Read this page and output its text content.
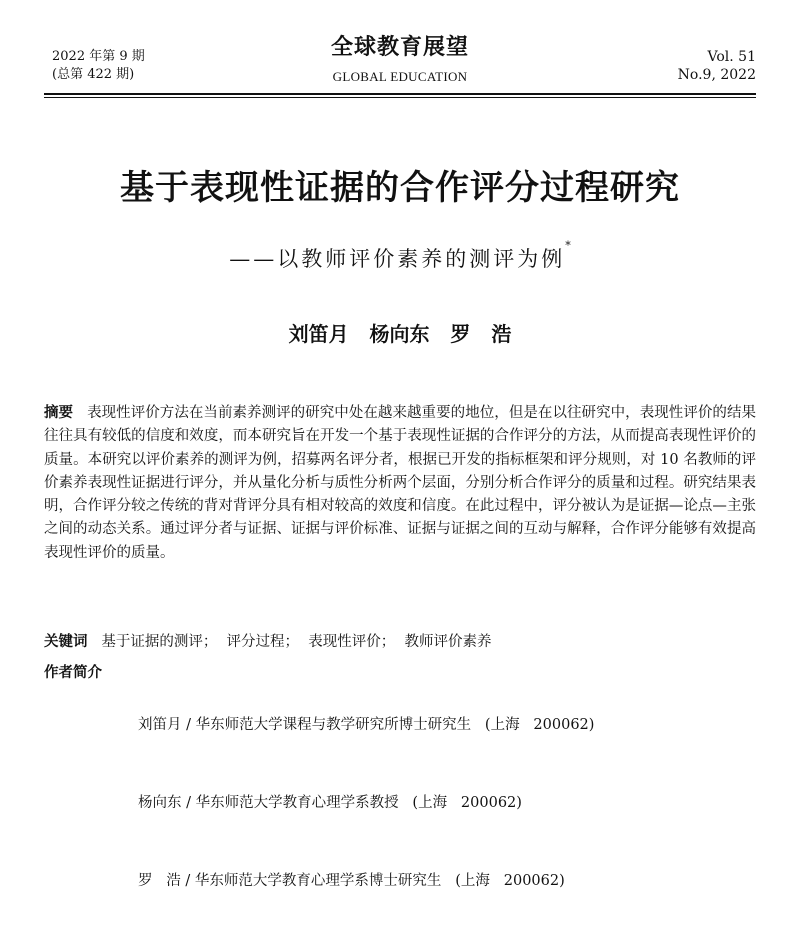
2022 年第 9 期
(总第 422 期)
全球教育展望
GLOBAL EDUCATION
Vol. 51
No.9, 2022
基于表现性证据的合作评分过程研究
——以教师评价素养的测评为例*
刘笛月   杨向东   罗   浩
摘要 表现性评价方法在当前素养测评的研究中处在越来越重要的地位，但是在以往研究中，表现性评价的结果往往具有较低的信度和效度，而本研究旨在开发一个基于表现性证据的合作评分的方法，从而提高表现性评价的质量。本研究以评价素养的测评为例，招募两名评分者，根据已开发的指标框架和评分规则，对 10 名教师的评价素养表现性证据进行评分，并从量化分析与质性分析两个层面，分别分析合作评分的质量和过程。研究结果表明，合作评分较之传统的背对背评分具有相对较高的效度和信度。在此过程中，评分被认为是证据—论点—主张之间的动态关系。通过评分者与证据、证据与评价标准、证据与证据之间的互动与解释，合作评分能够有效提高表现性评价的质量。
关键词 基于证据的测评；  评分过程；  表现性评价；  教师评价素养
作者简介

刘笛月 / 华东师范大学课程与教学研究所博士研究生   (上海   200062)

杨向东 / 华东师范大学教育心理学系教授   (上海   200062)

罗   浩 / 华东师范大学教育心理学系博士研究生   (上海   200062)
